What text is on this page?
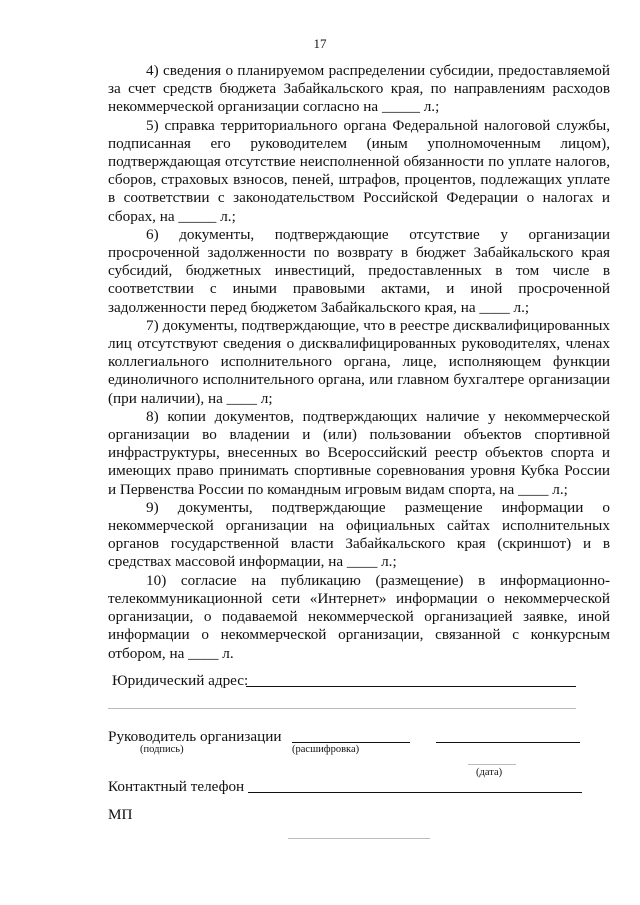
17

4) сведения о планируемом распределении субсидии, предоставляемой за счет средств бюджета Забайкальского края, по направлениям расходов некоммерческой организации согласно на _____ л.;

5) справка территориального органа Федеральной налоговой службы, подписанная его руководителем (иным уполномоченным лицом), подтверждающая отсутствие неисполненной обязанности по уплате налогов, сборов, страховых взносов, пеней, штрафов, процентов, подлежащих уплате в соответствии с законодательством Российской Федерации о налогах и сборах, на _____ л.;

6) документы, подтверждающие отсутствие у организации просроченной задолженности по возврату в бюджет Забайкальского края субсидий, бюджетных инвестиций, предоставленных в том числе в соответствии с иными правовыми актами, и иной просроченной задолженности перед бюджетом Забайкальского края, на ____ л.;

7) документы, подтверждающие, что в реестре дисквалифицированных лиц отсутствуют сведения о дисквалифицированных руководителях, членах коллегиального исполнительного органа, лице, исполняющем функции единоличного исполнительного органа, или главном бухгалтере организации (при наличии), на ____ л;

8) копии документов, подтверждающих наличие у некоммерческой организации во владении и (или) пользовании объектов спортивной инфраструктуры, внесенных во Всероссийский реестр объектов спорта и имеющих право принимать спортивные соревнования уровня Кубка России и Первенства России по командным игровым видам спорта, на ____ л.;

9) документы, подтверждающие размещение информации о некоммерческой организации на официальных сайтах исполнительных органов государственной власти Забайкальского края (скриншот) и в средствах массовой информации, на ____ л.;

10) согласие на публикацию (размещение) в информационно-телекоммуникационной сети «Интернет» информации о некоммерческой организации, о подаваемой некоммерческой организацией заявке, иной информации о некоммерческой организации, связанной с конкурсным отбором, на ____ л.

Юридический адрес:
Руководитель организации
(подпись)	(расшифровка)
(дата)
Контактный телефон
МП
